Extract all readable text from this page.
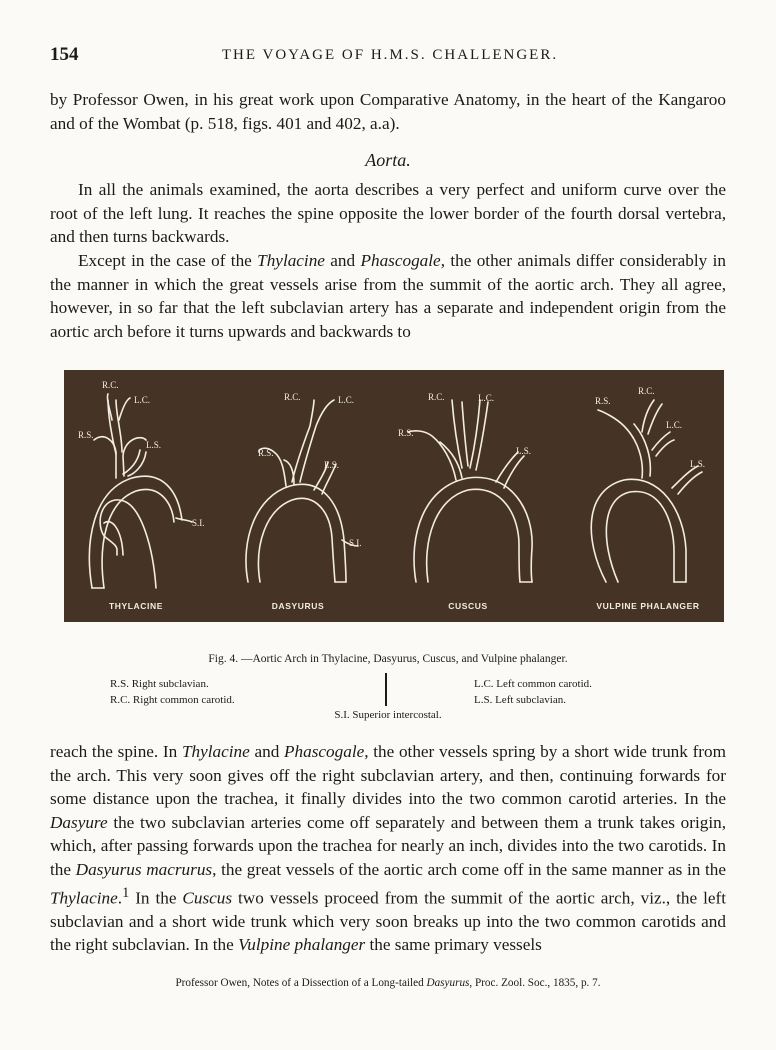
154	THE VOYAGE OF H.M.S. CHALLENGER.

by Professor Owen, in his great work upon Comparative Anatomy, in the heart of the Kangaroo and of the Wombat (p. 518, figs. 401 and 402, a.a).

Aorta.

In all the animals examined, the aorta describes a very perfect and uniform curve over the root of the left lung. It reaches the spine opposite the lower border of the fourth dorsal vertebra, and then turns backwards.

Except in the case of the Thylacine and Phascogale, the other animals differ considerably in the manner in which the great vessels arise from the summit of the aortic arch. They all agree, however, in so far that the left subclavian artery has a separate and independent origin from the aortic arch before it turns upwards and backwards to

R.C.
L.C.
R.S.
L.S.
S.I.
R.C.	L.C.
R.S.
L.S.
S.I.
R.C.	L.C.
R.S.
L.S.
R.C.
R.S.
L.C.
L.S.
THYLACINE	DASYURUS	CUSCUS	VULPINE PHALANGER
Fig. 4. —Aortic Arch in Thylacine, Dasyurus, Cuscus, and Vulpine phalanger.
R.S. Right subclavian.
R.C. Right common carotid.
L.C. Left common carotid.
L.S. Left subclavian.
S.I. Superior intercostal.

reach the spine. In Thylacine and Phascogale, the other vessels spring by a short wide trunk from the arch. This very soon gives off the right subclavian artery, and then, continuing forwards for some distance upon the trachea, it finally divides into the two common carotid arteries. In the Dasyure the two subclavian arteries come off separately and between them a trunk takes origin, which, after passing forwards upon the trachea for nearly an inch, divides into the two carotids. In the Dasyurus macrurus, the great vessels of the aortic arch come off in the same manner as in the Thylacine.$^1$ In the Cuscus two vessels proceed from the summit of the aortic arch, viz., the left subclavian and a short wide trunk which very soon breaks up into the two common carotids and the right subclavian. In the Vulpine phalanger the same primary vessels

Professor Owen, Notes of a Dissection of a Long-tailed Dasyurus, Proc. Zool. Soc., 1835, p. 7.
